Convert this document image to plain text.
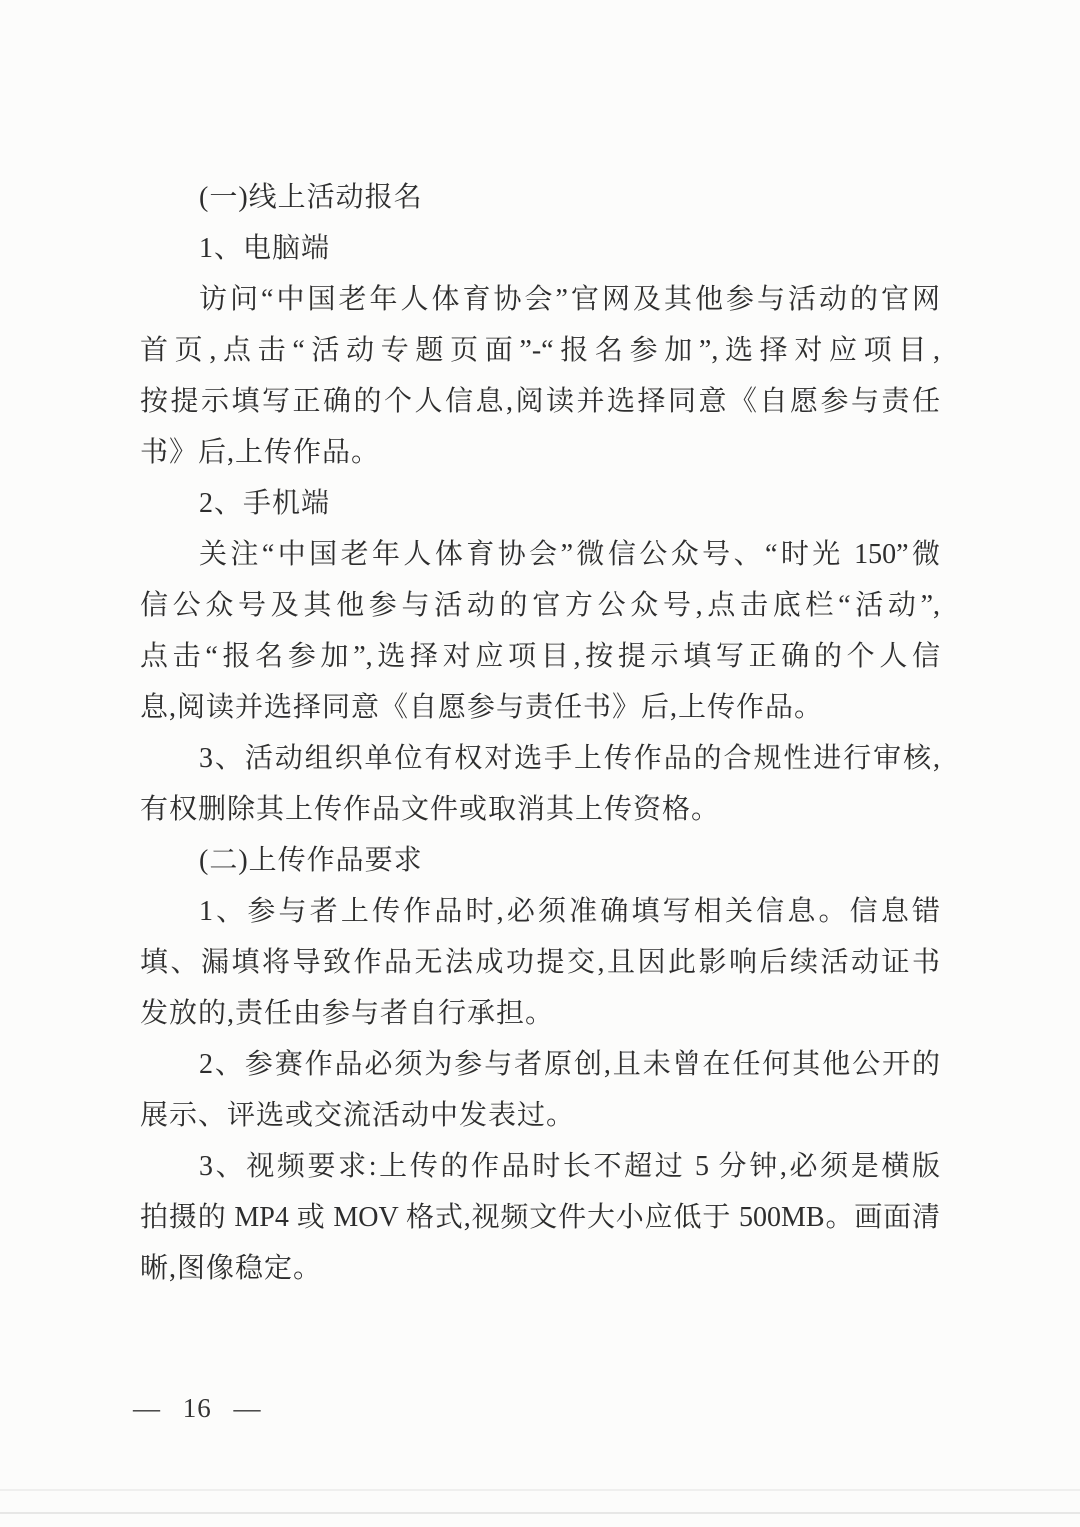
(一)线上活动报名
1、电脑端
访问“中国老年人体育协会”官网及其他参与活动的官网
首页,点击“活动专题页面”-“报名参加”,选择对应项目,
按提示填写正确的个人信息,阅读并选择同意《自愿参与责任
书》后,上传作品。
2、手机端
关注“中国老年人体育协会”微信公众号、“时光 150”微
信公众号及其他参与活动的官方公众号,点击底栏“活动”,
点击“报名参加”,选择对应项目,按提示填写正确的个人信
息,阅读并选择同意《自愿参与责任书》后,上传作品。
3、活动组织单位有权对选手上传作品的合规性进行审核,
有权删除其上传作品文件或取消其上传资格。
(二)上传作品要求
1、参与者上传作品时,必须准确填写相关信息。信息错
填、漏填将导致作品无法成功提交,且因此影响后续活动证书
发放的,责任由参与者自行承担。
2、参赛作品必须为参与者原创,且未曾在任何其他公开的
展示、评选或交流活动中发表过。
3、视频要求:上传的作品时长不超过 5 分钟,必须是横版
拍摄的 MP4 或 MOV 格式,视频文件大小应低于 500MB。画面清
晰,图像稳定。
— 16 —
